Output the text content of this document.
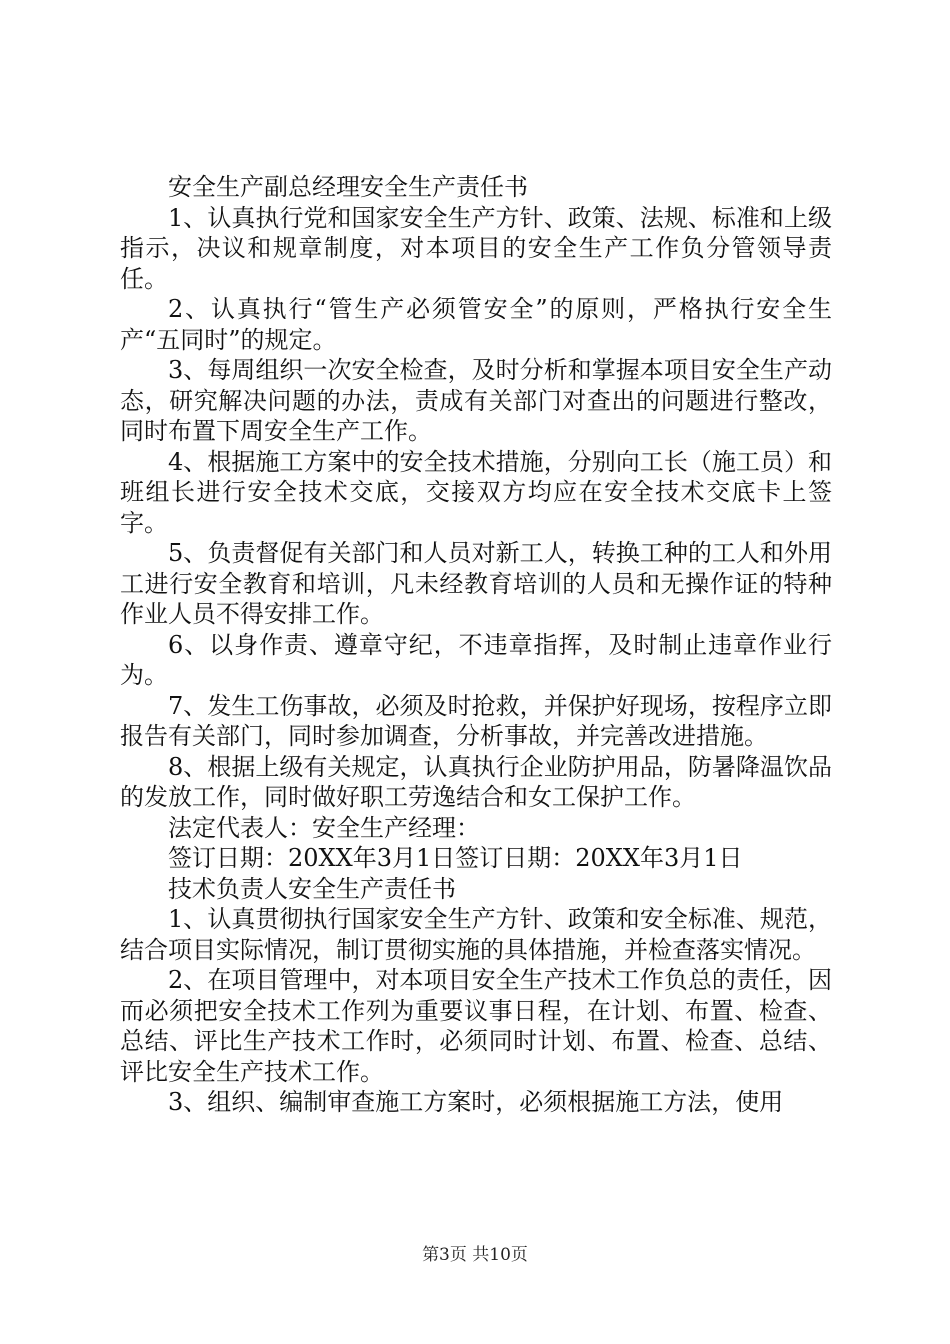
安全生产副总经理安全生产责任书

1、认真执行党和国家安全生产方针、政策、法规、标准和上级指示，决议和规章制度，对本项目的安全生产工作负分管领导责任。

2、认真执行“管生产必须管安全”的原则，严格执行安全生产“五同时”的规定。

3、每周组织一次安全检查，及时分析和掌握本项目安全生产动态，研究解决问题的办法，责成有关部门对查出的问题进行整改，同时布置下周安全生产工作。

4、根据施工方案中的安全技术措施，分别向工长（施工员）和班组长进行安全技术交底，交接双方均应在安全技术交底卡上签字。

5、负责督促有关部门和人员对新工人，转换工种的工人和外用工进行安全教育和培训，凡未经教育培训的人员和无操作证的特种作业人员不得安排工作。

6、以身作责、遵章守纪，不违章指挥，及时制止违章作业行为。

7、发生工伤事故，必须及时抢救，并保护好现场，按程序立即报告有关部门，同时参加调查，分析事故，并完善改进措施。

8、根据上级有关规定，认真执行企业防护用品，防暑降温饮品的发放工作，同时做好职工劳逸结合和女工保护工作。

法定代表人：安全生产经理：

签订日期：20XX年3月1日签订日期：20XX年3月1日

技术负责人安全生产责任书

1、认真贯彻执行国家安全生产方针、政策和安全标准、规范，结合项目实际情况，制订贯彻实施的具体措施，并检查落实情况。

2、在项目管理中，对本项目安全生产技术工作负总的责任，因而必须把安全技术工作列为重要议事日程，在计划、布置、检查、总结、评比生产技术工作时，必须同时计划、布置、检查、总结、评比安全生产技术工作。

3、组织、编制审查施工方案时，必须根据施工方法，使用

第3页 共10页
